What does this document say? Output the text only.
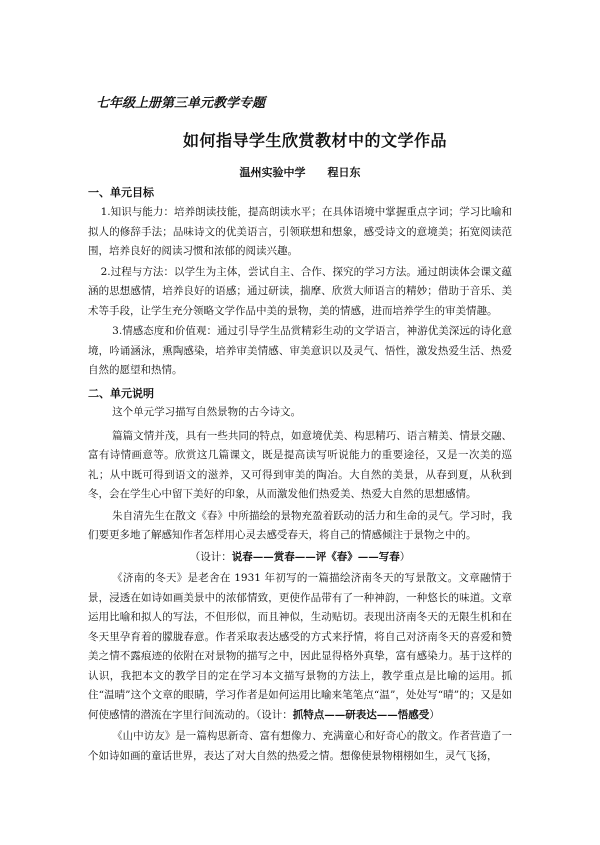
七年级上册第三单元教学专题
如何指导学生欣赏教材中的文学作品
温州实验中学 程日东
一、单元目标

1.知识与能力：培养朗读技能，提高朗读水平；在具体语境中掌握重点字词；学习比喻和拟人的修辞手法；品味诗文的优美语言，引领联想和想象，感受诗文的意境美；拓宽阅读范围，培养良好的阅读习惯和浓郁的阅读兴趣。

2.过程与方法：以学生为主体，尝试自主、合作、探究的学习方法。通过朗读体会课文蕴涵的思想感情，培养良好的语感；通过研读，揣摩、欣赏大师语言的精妙；借助于音乐、美术等手段，让学生充分领略文学作品中美的景物，美的情感，进而培养学生的审美情趣。

3.情感态度和价值观：通过引导学生品赏精彩生动的文学语言，神游优美深远的诗化意境，吟诵涵泳，熏陶感染，培养审美情感、审美意识以及灵气、悟性，激发热爱生活、热爱自然的愿望和热情。

二、单元说明

这个单元学习描写自然景物的古今诗文。

篇篇文情并茂，具有一些共同的特点，如意境优美、构思精巧、语言精美、情景交融、富有诗情画意等。欣赏这几篇课文，既是提高读写听说能力的重要途径，又是一次美的巡礼；从中既可得到语文的滋养，又可得到审美的陶冶。大自然的美景，从春到夏，从秋到冬，会在学生心中留下美好的印象，从而激发他们热爱美、热爱大自然的思想感情。

朱自清先生在散文《春》中所描绘的景物充盈着跃动的活力和生命的灵气。学习时，我们要更多地了解感知作者怎样用心灵去感受春天，将自己的情感倾注于景物之中的。

（设计：说春——赏春——评《春》——写春）

《济南的冬天》是老舍在 1931 年初写的一篇描绘济南冬天的写景散文。文章融情于景，浸透在如诗如画美景中的浓郁情致，更使作品带有了一种神韵，一种悠长的味道。文章运用比喻和拟人的写法，不但形似，而且神似，生动贴切。表现出济南冬天的无限生机和在冬天里孕育着的朦胧春意。作者采取表达感受的方式来抒情，将自己对济南冬天的喜爱和赞美之情不露痕迹的依附在对景物的描写之中，因此显得格外真挚，富有感染力。基于这样的认识，我把本文的教学目的定在学习本文描写景物的方法上，教学重点是比喻的运用。抓住“温晴”这个文章的眼睛，学习作者是如何运用比喻来笔笔点“温”，处处写“晴”的；又是如何使感情的潜流在字里行间流动的。（设计：抓特点——研表达——悟感受）

《山中访友》是一篇构思新奇、富有想像力、充满童心和好奇心的散文。作者营造了一个如诗如画的童话世界，表达了对大自然的热爱之情。想像使景物栩栩如生，灵气飞扬，
